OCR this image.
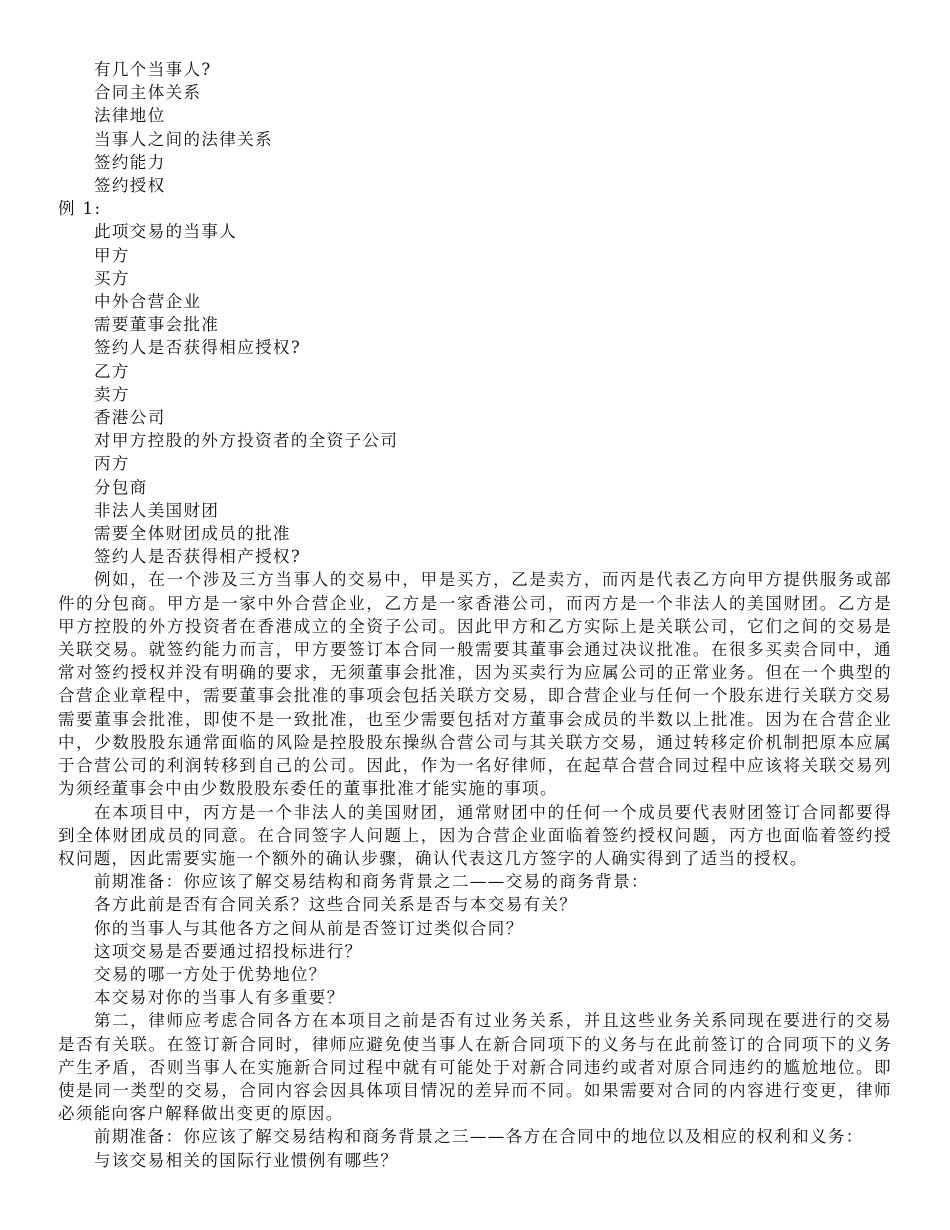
有几个当事人?

合同主体关系

法律地位

当事人之间的法律关系

签约能力

签约授权

例 1:

此项交易的当事人

甲方

买方

中外合营企业

需要董事会批准

签约人是否获得相应授权?

乙方

卖方

香港公司

对甲方控股的外方投资者的全资子公司

丙方

分包商

非法人美国财团

需要全体财团成员的批准

签约人是否获得相产授权?

例如，在一个涉及三方当事人的交易中，甲是买方，乙是卖方，而丙是代表乙方向甲方提供服务或部件的分包商。甲方是一家中外合营企业，乙方是一家香港公司，而丙方是一个非法人的美国财团。乙方是甲方控股的外方投资者在香港成立的全资子公司。因此甲方和乙方实际上是关联公司，它们之间的交易是关联交易。就签约能力而言，甲方要签订本合同一般需要其董事会通过决议批准。在很多买卖合同中，通常对签约授权并没有明确的要求，无须董事会批准，因为买卖行为应属公司的正常业务。但在一个典型的合营企业章程中，需要董事会批准的事项会包括关联方交易，即合营企业与任何一个股东进行关联方交易需要董事会批准，即使不是一致批准，也至少需要包括对方董事会成员的半数以上批准。因为在合营企业中，少数股股东通常面临的风险是控股股东操纵合营公司与其关联方交易，通过转移定价机制把原本应属于合营公司的利润转移到自己的公司。因此，作为一名好律师，在起草合营合同过程中应该将关联交易列为须经董事会中由少数股股东委任的董事批准才能实施的事项。

在本项目中，丙方是一个非法人的美国财团，通常财团中的任何一个成员要代表财团签订合同都要得到全体财团成员的同意。在合同签字人问题上，因为合营企业面临着签约授权问题，丙方也面临着签约授权问题，因此需要实施一个额外的确认步骤，确认代表这几方签字的人确实得到了适当的授权。

前期准备：你应该了解交易结构和商务背景之二——交易的商务背景：

各方此前是否有合同关系？这些合同关系是否与本交易有关？

你的当事人与其他各方之间从前是否签订过类似合同？

这项交易是否要通过招投标进行？

交易的哪一方处于优势地位？

本交易对你的当事人有多重要？

第二，律师应考虑合同各方在本项目之前是否有过业务关系，并且这些业务关系同现在要进行的交易是否有关联。在签订新合同时，律师应避免使当事人在新合同项下的义务与在此前签订的合同项下的义务产生矛盾，否则当事人在实施新合同过程中就有可能处于对新合同违约或者对原合同违约的尴尬地位。即使是同一类型的交易，合同内容会因具体项目情况的差异而不同。如果需要对合同的内容进行变更，律师必须能向客户解释做出变更的原因。

前期准备：你应该了解交易结构和商务背景之三——各方在合同中的地位以及相应的权利和义务：

与该交易相关的国际行业惯例有哪些？
